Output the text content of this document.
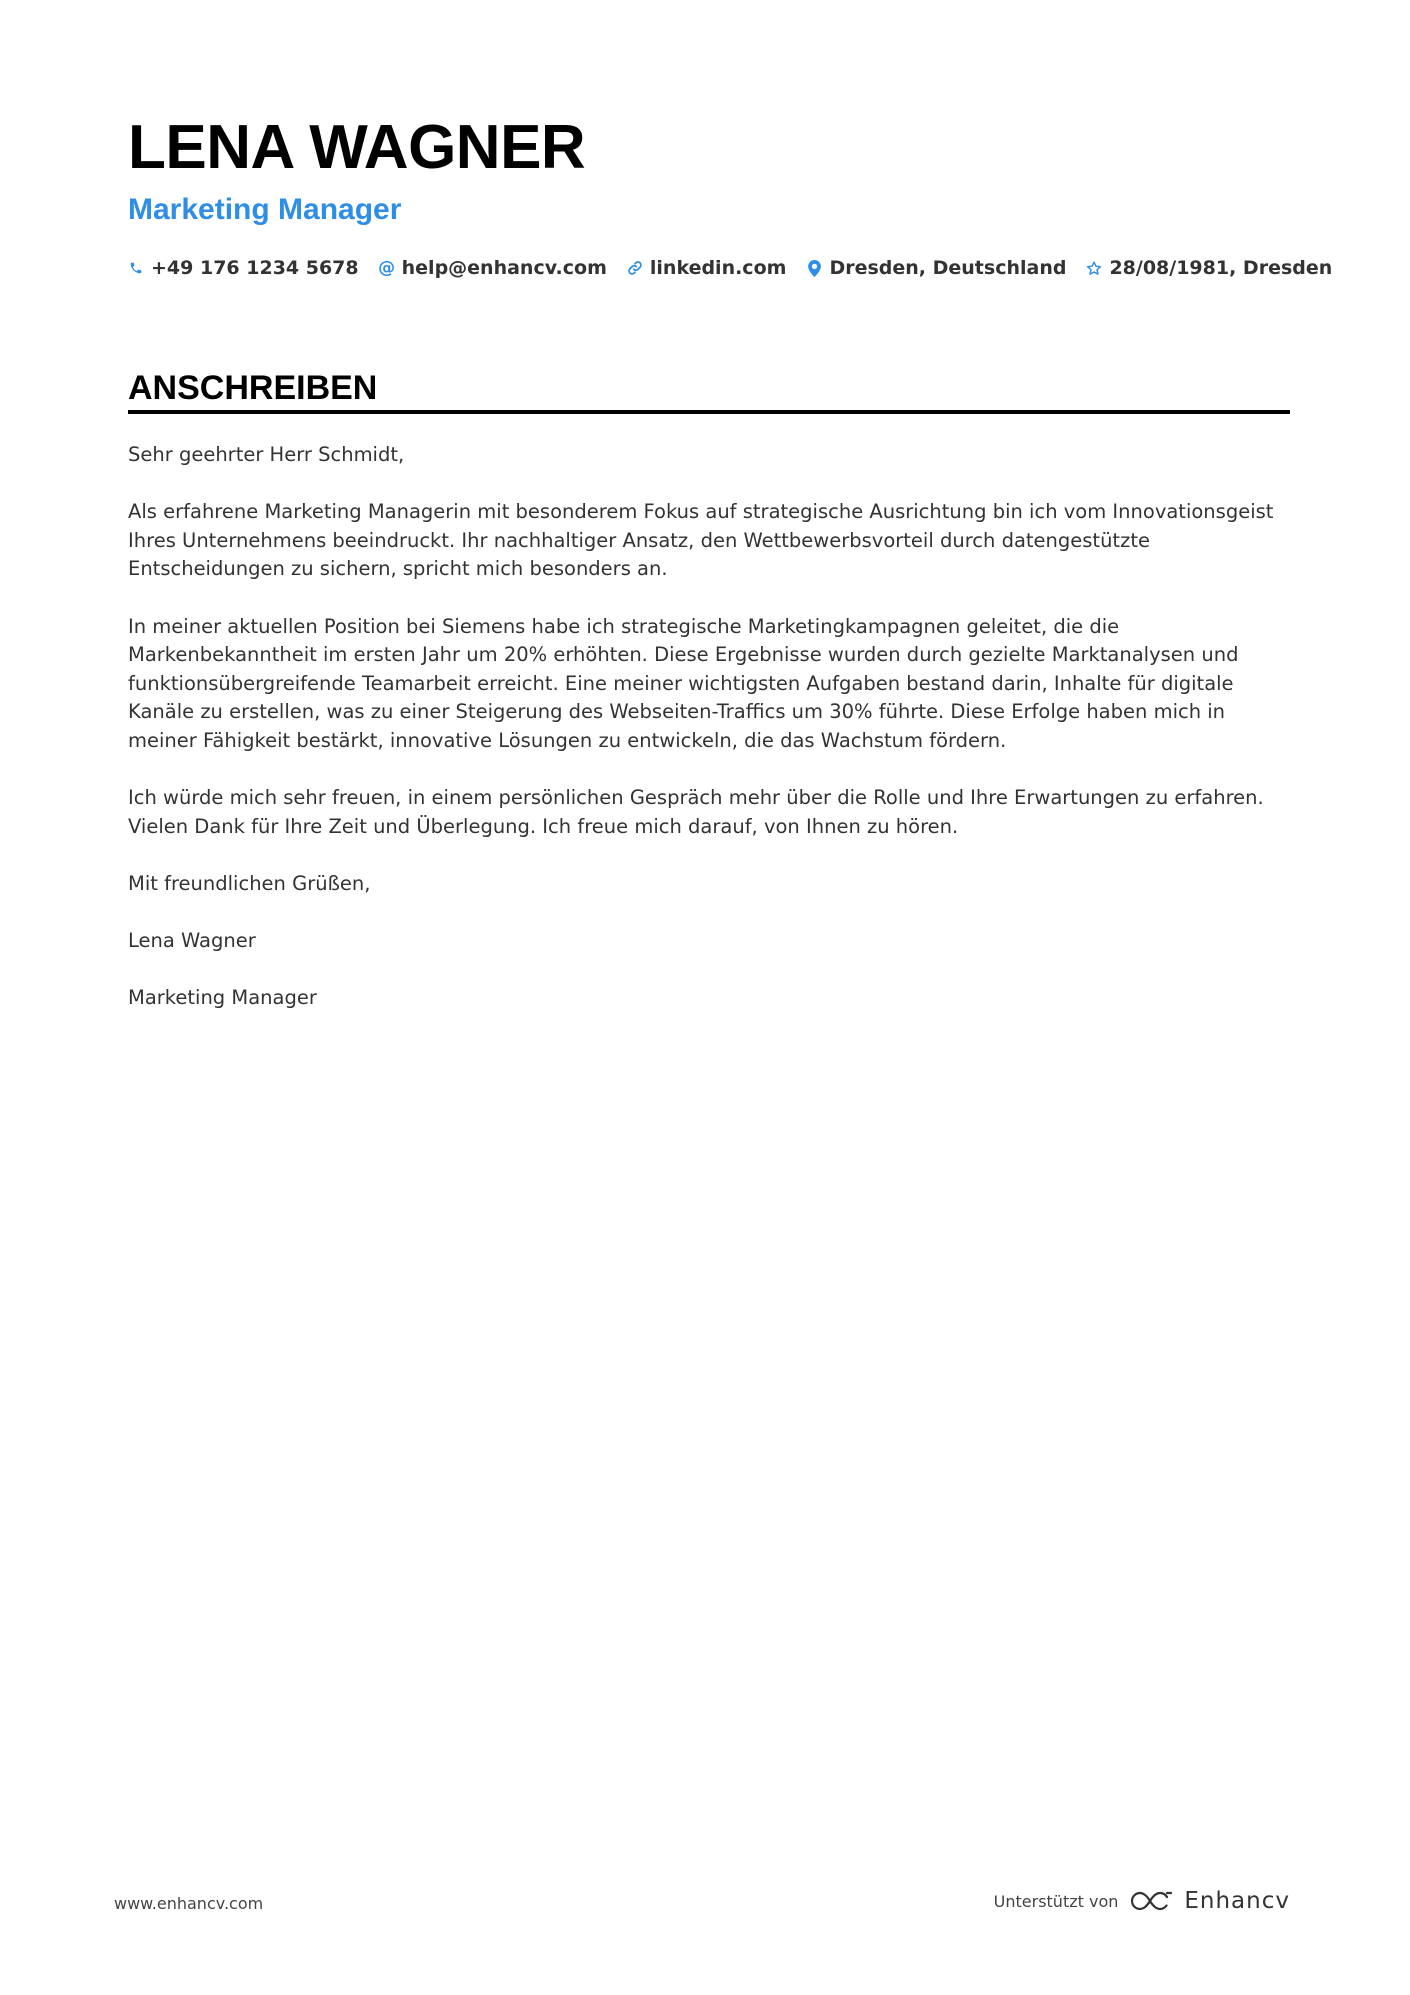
LENA WAGNER
Marketing Manager
+49 176 1234 5678 @ help@enhancv.com linkedin.com Dresden, Deutschland 28/08/1981, Dresden
ANSCHREIBEN

Sehr geehrter Herr Schmidt,

Als erfahrene Marketing Managerin mit besonderem Fokus auf strategische Ausrichtung bin ich vom Innovationsgeist Ihres Unternehmens beeindruckt. Ihr nachhaltiger Ansatz, den Wettbewerbsvorteil durch datengestützte Entscheidungen zu sichern, spricht mich besonders an.

In meiner aktuellen Position bei Siemens habe ich strategische Marketingkampagnen geleitet, die die Markenbekanntheit im ersten Jahr um 20% erhöhten. Diese Ergebnisse wurden durch gezielte Marktanalysen und funktionsübergreifende Teamarbeit erreicht. Eine meiner wichtigsten Aufgaben bestand darin, Inhalte für digitale Kanäle zu erstellen, was zu einer Steigerung des Webseiten-Traffics um 30% führte. Diese Erfolge haben mich in meiner Fähigkeit bestärkt, innovative Lösungen zu entwickeln, die das Wachstum fördern.

Ich würde mich sehr freuen, in einem persönlichen Gespräch mehr über die Rolle und Ihre Erwartungen zu erfahren. Vielen Dank für Ihre Zeit und Überlegung. Ich freue mich darauf, von Ihnen zu hören.

Mit freundlichen Grüßen,

Lena Wagner

Marketing Manager

www.enhancv.com	Unterstützt von	Enhancv
